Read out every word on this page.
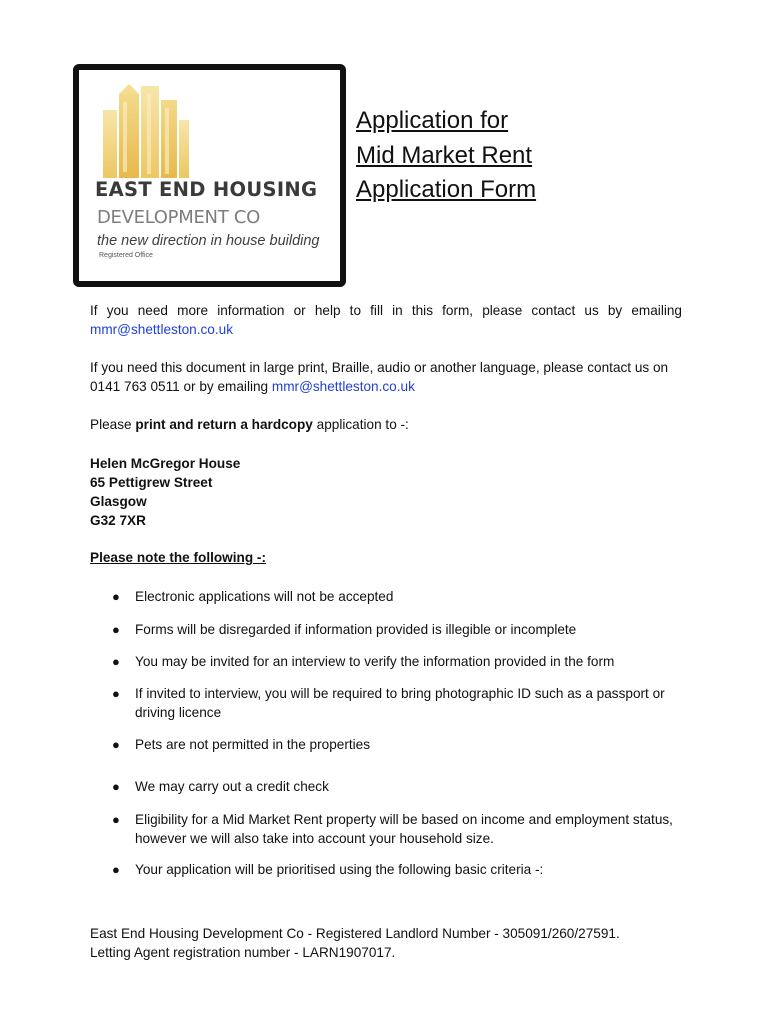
EAST END HOUSING
DEVELOPMENT CO
the new direction in house building
Registered Office
Application for
Mid Market Rent
Application Form
If you need more information or help to fill in this form, please contact us by emailing
mmr@shettleston.co.uk
If you need this document in large print, Braille, audio or another language, please contact us on
0141 763 0511 or by emailing mmr@shettleston.co.uk
Please print and return a hardcopy application to -:
Helen McGregor House
65 Pettigrew Street
Glasgow
G32 7XR
Please note the following -:
● Electronic applications will not be accepted
● Forms will be disregarded if information provided is illegible or incomplete
● You may be invited for an interview to verify the information provided in the form
● If invited to interview, you will be required to bring photographic ID such as a passport or driving licence
● Pets are not permitted in the properties
● We may carry out a credit check
● Eligibility for a Mid Market Rent property will be based on income and employment status, however we will also take into account your household size.
● Your application will be prioritised using the following basic criteria -:
East End Housing Development Co - Registered Landlord Number - 305091/260/27591.
Letting Agent registration number - LARN1907017.
